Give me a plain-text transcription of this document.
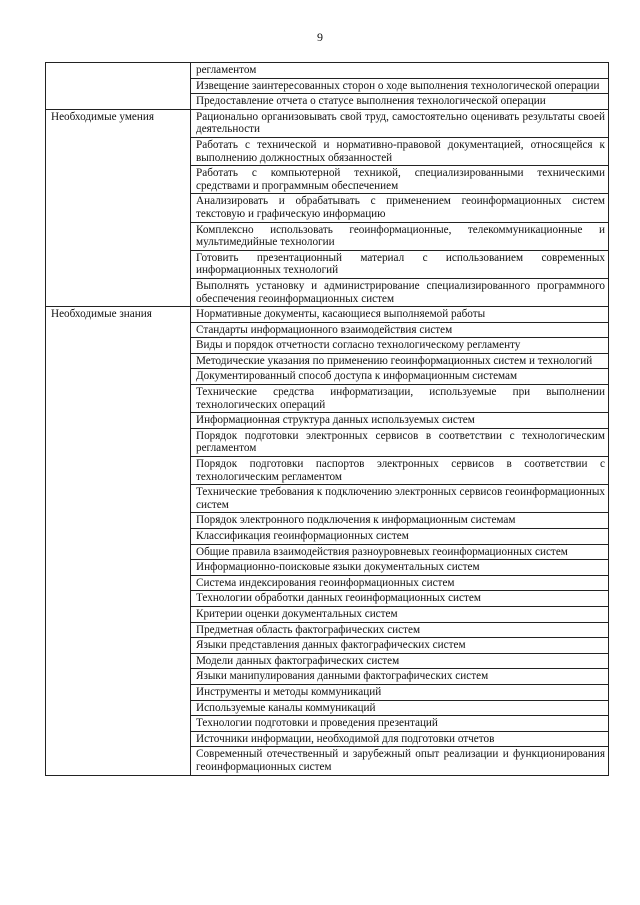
9
	регламентом
	Извещение заинтересованных сторон о ходе выполнения технологической операции
	Предоставление отчета о статусе выполнения технологической операции
Необходимые умения	Рационально организовывать свой труд, самостоятельно оценивать результаты своей деятельности
	Работать с технической и нормативно-правовой документацией, относящейся к выполнению должностных обязанностей
	Работать с компьютерной техникой, специализированными техническими средствами и программным обеспечением
	Анализировать и обрабатывать с применением геоинформационных систем текстовую и графическую информацию
	Комплексно использовать геоинформационные, телекоммуникационные и мультимедийные технологии
	Готовить презентационный материал с использованием современных информационных технологий
	Выполнять установку и администрирование специализированного программного обеспечения геоинформационных систем
Необходимые знания	Нормативные документы, касающиеся выполняемой работы
	Стандарты информационного взаимодействия систем
	Виды и порядок отчетности согласно технологическому регламенту
	Методические указания по применению геоинформационных систем и технологий
	Документированный способ доступа к информационным системам
	Технические средства информатизации, используемые при выполнении технологических операций
	Информационная структура данных используемых систем
	Порядок подготовки электронных сервисов в соответствии с технологическим регламентом
	Порядок подготовки паспортов электронных сервисов в соответствии с технологическим регламентом
	Технические требования к подключению электронных сервисов геоинформационных систем
	Порядок электронного подключения к информационным системам
	Классификация геоинформационных систем
	Общие правила взаимодействия разноуровневых геоинформационных систем
	Информационно-поисковые языки документальных систем
	Система индексирования геоинформационных систем
	Технологии обработки данных геоинформационных систем
	Критерии оценки документальных систем
	Предметная область фактографических систем
	Языки представления данных фактографических систем
	Модели данных фактографических систем
	Языки манипулирования данными фактографических систем
	Инструменты и методы коммуникаций
	Используемые каналы коммуникаций
	Технологии подготовки и проведения презентаций
	Источники информации, необходимой для подготовки отчетов
	Современный отечественный и зарубежный опыт реализации и функционирования геоинформационных систем
